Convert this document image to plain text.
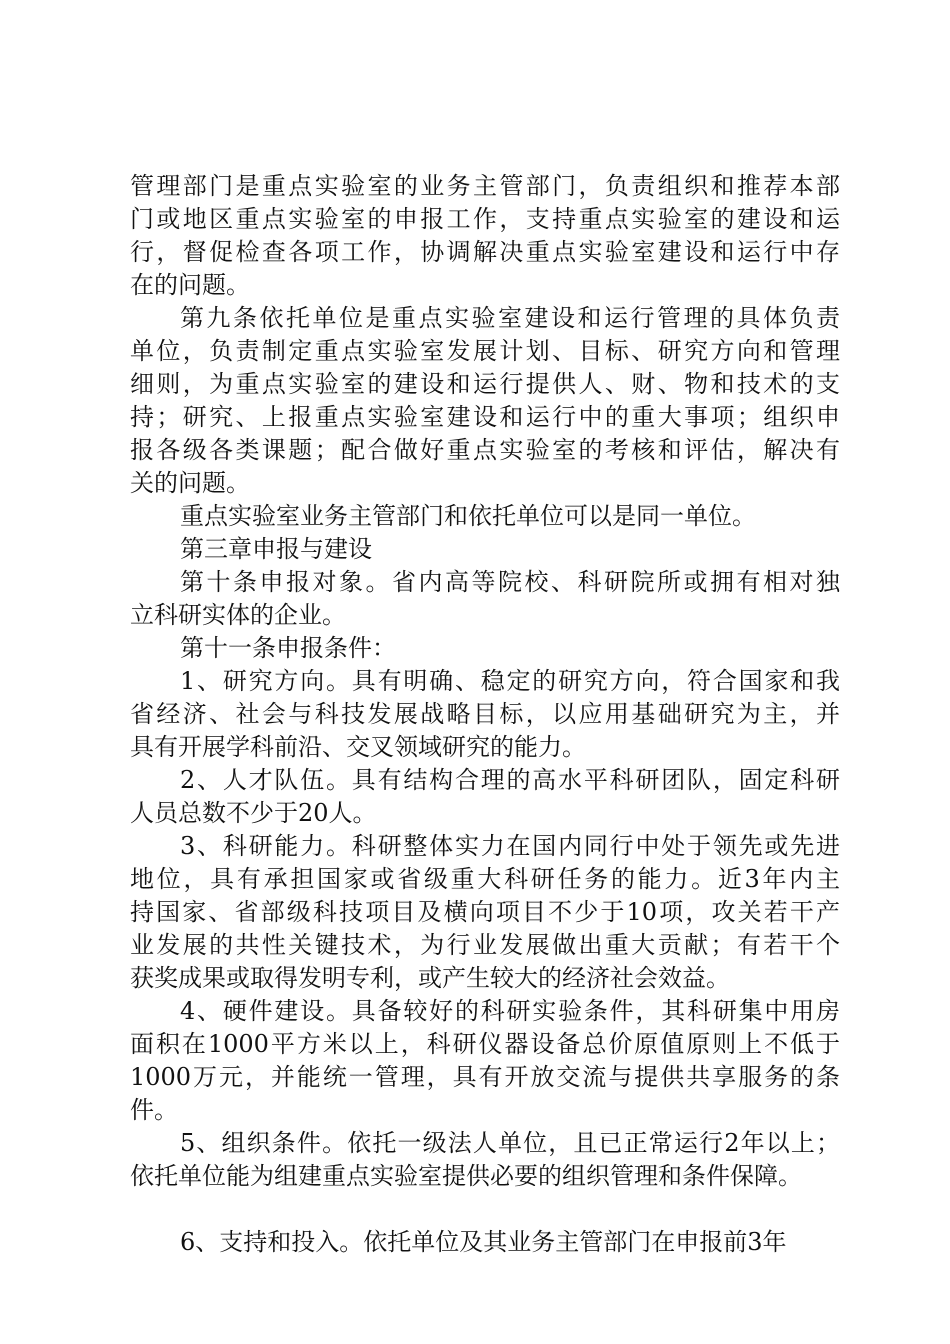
管理部门是重点实验室的业务主管部门，负责组织和推荐本部
门或地区重点实验室的申报工作，支持重点实验室的建设和运
行，督促检查各项工作，协调解决重点实验室建设和运行中存
在的问题。
第九条依托单位是重点实验室建设和运行管理的具体负责
单位，负责制定重点实验室发展计划、目标、研究方向和管理
细则，为重点实验室的建设和运行提供人、财、物和技术的支
持；研究、上报重点实验室建设和运行中的重大事项；组织申
报各级各类课题；配合做好重点实验室的考核和评估，解决有
关的问题。
重点实验室业务主管部门和依托单位可以是同一单位。
第三章申报与建设
第十条申报对象。省内高等院校、科研院所或拥有相对独
立科研实体的企业。
第十一条申报条件：
1、研究方向。具有明确、稳定的研究方向，符合国家和我
省经济、社会与科技发展战略目标，以应用基础研究为主，并
具有开展学科前沿、交叉领域研究的能力。
2、人才队伍。具有结构合理的高水平科研团队，固定科研
人员总数不少于20人。
3、科研能力。科研整体实力在国内同行中处于领先或先进
地位，具有承担国家或省级重大科研任务的能力。近3年内主
持国家、省部级科技项目及横向项目不少于10项，攻关若干产
业发展的共性关键技术，为行业发展做出重大贡献；有若干个
获奖成果或取得发明专利，或产生较大的经济社会效益。
4、硬件建设。具备较好的科研实验条件，其科研集中用房
面积在1000平方米以上，科研仪器设备总价原值原则上不低于
1000万元，并能统一管理，具有开放交流与提供共享服务的条
件。
5、组织条件。依托一级法人单位，且已正常运行2年以上；
依托单位能为组建重点实验室提供必要的组织管理和条件保障。
6、支持和投入。依托单位及其业务主管部门在申报前3年
